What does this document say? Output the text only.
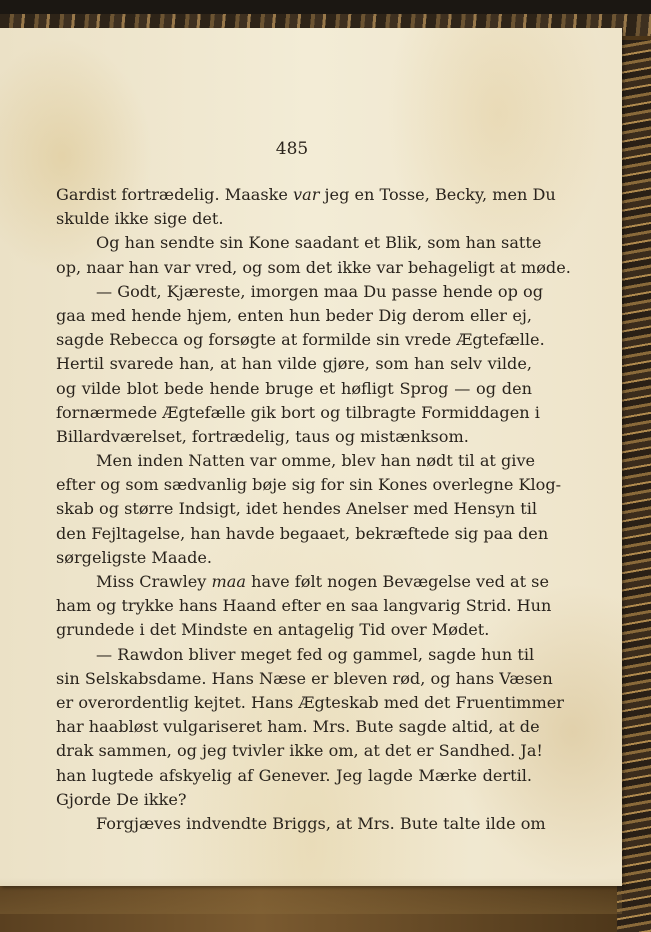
485
Gardist fortrædelig. Maaske var jeg en Tosse, Becky, men Du
skulde ikke sige det.
Og han sendte sin Kone saadant et Blik, som han satte
op, naar han var vred, og som det ikke var behageligt at møde.
— Godt, Kjæreste, imorgen maa Du passe hende op og
gaa med hende hjem, enten hun beder Dig derom eller ej,
sagde Rebecca og forsøgte at formilde sin vrede Ægtefælle.
Hertil svarede han, at han vilde gjøre, som han selv vilde,
og vilde blot bede hende bruge et høfligt Sprog — og den
fornærmede Ægtefælle gik bort og tilbragte Formiddagen i
Billardværelset, fortrædelig, taus og mistænksom.
Men inden Natten var omme, blev han nødt til at give
efter og som sædvanlig bøje sig for sin Kones overlegne Klog-
skab og større Indsigt, idet hendes Anelser med Hensyn til
den Fejltagelse, han havde begaaet, bekræftede sig paa den
sørgeligste Maade.
Miss Crawley maa have følt nogen Bevægelse ved at se
ham og trykke hans Haand efter en saa langvarig Strid. Hun
grundede i det Mindste en antagelig Tid over Mødet.
— Rawdon bliver meget fed og gammel, sagde hun til
sin Selskabsdame. Hans Næse er bleven rød, og hans Væsen
er overordentlig kejtet. Hans Ægteskab med det Fruentimmer
har haabløst vulgariseret ham. Mrs. Bute sagde altid, at de
drak sammen, og jeg tvivler ikke om, at det er Sandhed. Ja!
han lugtede afskyelig af Genever. Jeg lagde Mærke dertil.
Gjorde De ikke?
Forgjæves indvendte Briggs, at Mrs. Bute talte ilde om
